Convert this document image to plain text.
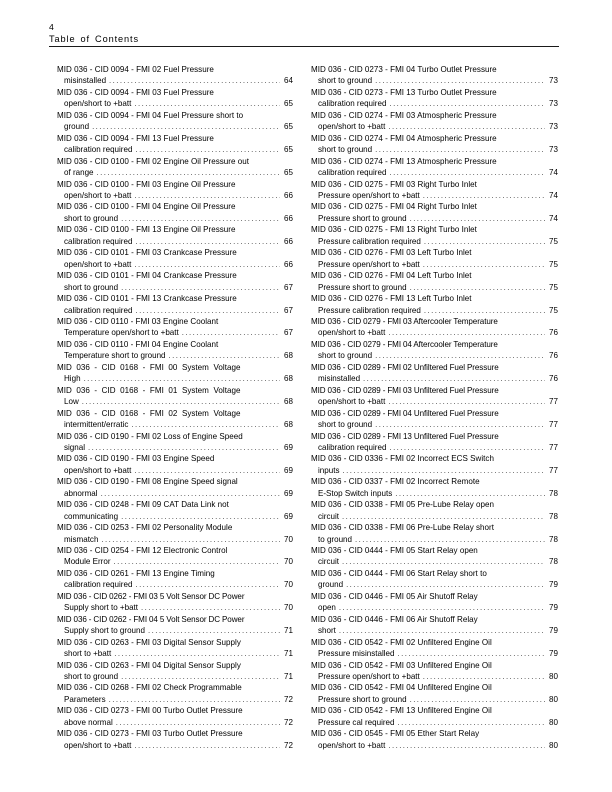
4
Table of Contents
MID 036 - CID 0094 - FMI 02 Fuel Pressure
misinstalled .....	64
MID 036 - CID 0094 - FMI 03 Fuel Pressure
open/short to +batt .....	65
MID 036 - CID 0094 - FMI 04 Fuel Pressure short to
ground .....	65
MID 036 - CID 0094 - FMI 13 Fuel Pressure
calibration required .....	65
MID 036 - CID 0100 - FMI 02 Engine Oil Pressure out
of range .....	65
MID 036 - CID 0100 - FMI 03 Engine Oil Pressure
open/short to +batt .....	66
MID 036 - CID 0100 - FMI 04 Engine Oil Pressure
short to ground .....	66
MID 036 - CID 0100 - FMI 13 Engine Oil Pressure
calibration required .....	66
MID 036 - CID 0101 - FMI 03 Crankcase Pressure
open/short to +batt .....	66
MID 036 - CID 0101 - FMI 04 Crankcase Pressure
short to ground .....	67
MID 036 - CID 0101 - FMI 13 Crankcase Pressure
calibration required .....	67
MID 036 - CID 0110 - FMI 03 Engine Coolant
Temperature open/short to +batt .....	67
MID 036 - CID 0110 - FMI 04 Engine Coolant
Temperature short to ground .....	68
MID 036 - CID 0168 - FMI 00 System Voltage
High .....	68
MID 036 - CID 0168 - FMI 01 System Voltage
Low .....	68
MID 036 - CID 0168 - FMI 02 System Voltage
intermittent/erratic .....	68
MID 036 - CID 0190 - FMI 02 Loss of Engine Speed
signal .....	69
MID 036 - CID 0190 - FMI 03 Engine Speed
open/short to +batt .....	69
MID 036 - CID 0190 - FMI 08 Engine Speed signal
abnormal .....	69
MID 036 - CID 0248 - FMI 09 CAT Data Link not
communicating .....	69
MID 036 - CID 0253 - FMI 02 Personality Module
mismatch .....	70
MID 036 - CID 0254 - FMI 12 Electronic Control
Module Error .....	70
MID 036 - CID 0261 - FMI 13 Engine Timing
calibration required .....	70
MID 036 - CID 0262 - FMI 03 5 Volt Sensor DC Power
Supply short to +batt .....	70
MID 036 - CID 0262 - FMI 04 5 Volt Sensor DC Power
Supply short to ground .....	71
MID 036 - CID 0263 - FMI 03 Digital Sensor Supply
short to +batt .....	71
MID 036 - CID 0263 - FMI 04 Digital Sensor Supply
short to ground .....	71
MID 036 - CID 0268 - FMI 02 Check Programmable
Parameters .....	72
MID 036 - CID 0273 - FMI 00 Turbo Outlet Pressure
above normal .....	72
MID 036 - CID 0273 - FMI 03 Turbo Outlet Pressure
open/short to +batt .....	72
MID 036 - CID 0273 - FMI 04 Turbo Outlet Pressure
short to ground .....	73
MID 036 - CID 0273 - FMI 13 Turbo Outlet Pressure
calibration required .....	73
MID 036 - CID 0274 - FMI 03 Atmospheric Pressure
open/short to +batt .....	73
MID 036 - CID 0274 - FMI 04 Atmospheric Pressure
short to ground .....	73
MID 036 - CID 0274 - FMI 13 Atmospheric Pressure
calibration required .....	74
MID 036 - CID 0275 - FMI 03 Right Turbo Inlet
Pressure open/short to +batt .....	74
MID 036 - CID 0275 - FMI 04 Right Turbo Inlet
Pressure short to ground .....	74
MID 036 - CID 0275 - FMI 13 Right Turbo Inlet
Pressure calibration required .....	75
MID 036 - CID 0276 - FMI 03 Left Turbo Inlet
Pressure open/short to +batt .....	75
MID 036 - CID 0276 - FMI 04 Left Turbo Inlet
Pressure short to ground .....	75
MID 036 - CID 0276 - FMI 13 Left Turbo Inlet
Pressure calibration required .....	75
MID 036 - CID 0279 - FMI 03 Aftercooler Temperature
open/short to +batt .....	76
MID 036 - CID 0279 - FMI 04 Aftercooler Temperature
short to ground .....	76
MID 036 - CID 0289 - FMI 02 Unfiltered Fuel Pressure
misinstalled .....	76
MID 036 - CID 0289 - FMI 03 Unfiltered Fuel Pressure
open/short to +batt .....	77
MID 036 - CID 0289 - FMI 04 Unfiltered Fuel Pressure
short to ground .....	77
MID 036 - CID 0289 - FMI 13 Unfiltered Fuel Pressure
calibration required .....	77
MID 036 - CID 0336 - FMI 02 Incorrect ECS Switch
inputs .....	77
MID 036 - CID 0337 - FMI 02 Incorrect Remote
E-Stop Switch inputs .....	78
MID 036 - CID 0338 - FMI 05 Pre-Lube Relay open
circuit .....	78
MID 036 - CID 0338 - FMI 06 Pre-Lube Relay short
to ground .....	78
MID 036 - CID 0444 - FMI 05 Start Relay open
circuit .....	78
MID 036 - CID 0444 - FMI 06 Start Relay short to
ground .....	79
MID 036 - CID 0446 - FMI 05 Air Shutoff Relay
open .....	79
MID 036 - CID 0446 - FMI 06 Air Shutoff Relay
short .....	79
MID 036 - CID 0542 - FMI 02 Unfiltered Engine Oil
Pressure misinstalled .....	79
MID 036 - CID 0542 - FMI 03 Unfiltered Engine Oil
Pressure open/short to +batt .....	80
MID 036 - CID 0542 - FMI 04 Unfiltered Engine Oil
Pressure short to ground .....	80
MID 036 - CID 0542 - FMI 13 Unfiltered Engine Oil
Pressure cal required .....	80
MID 036 - CID 0545 - FMI 05 Ether Start Relay
open/short to +batt .....	80
